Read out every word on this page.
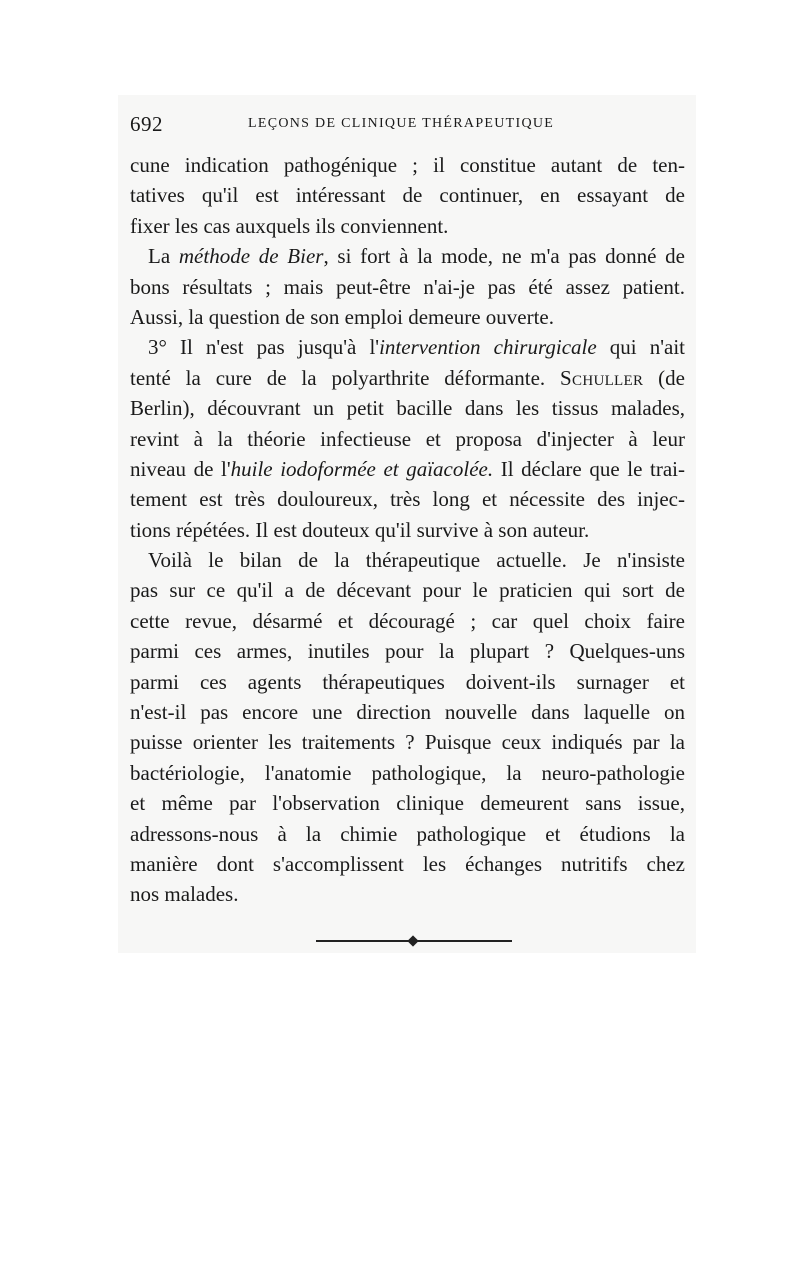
692	LEÇONS DE CLINIQUE THÉRAPEUTIQUE
cune indication pathogénique ; il constitue autant de ten-
tatives qu'il est intéressant de continuer, en essayant de
fixer les cas auxquels ils conviennent.
La méthode de Bier, si fort à la mode, ne m'a pas donné de
bons résultats ; mais peut-être n'ai-je pas été assez patient.
Aussi, la question de son emploi demeure ouverte.
3° Il n'est pas jusqu'à l'intervention chirurgicale qui n'ait
tenté la cure de la polyarthrite déformante. Schuller (de
Berlin), découvrant un petit bacille dans les tissus malades,
revint à la théorie infectieuse et proposa d'injecter à leur
niveau de l'huile iodoformée et gaïacolée. Il déclare que le trai-
tement est très douloureux, très long et nécessite des injec-
tions répétées. Il est douteux qu'il survive à son auteur.
Voilà le bilan de la thérapeutique actuelle. Je n'insiste
pas sur ce qu'il a de décevant pour le praticien qui sort de
cette revue, désarmé et découragé ; car quel choix faire
parmi ces armes, inutiles pour la plupart ? Quelques-uns
parmi ces agents thérapeutiques doivent-ils surnager et
n'est-il pas encore une direction nouvelle dans laquelle on
puisse orienter les traitements ? Puisque ceux indiqués par la
bactériologie, l'anatomie pathologique, la neuro-pathologie
et même par l'observation clinique demeurent sans issue,
adressons-nous à la chimie pathologique et étudions la
manière dont s'accomplissent les échanges nutritifs chez
nos malades.
